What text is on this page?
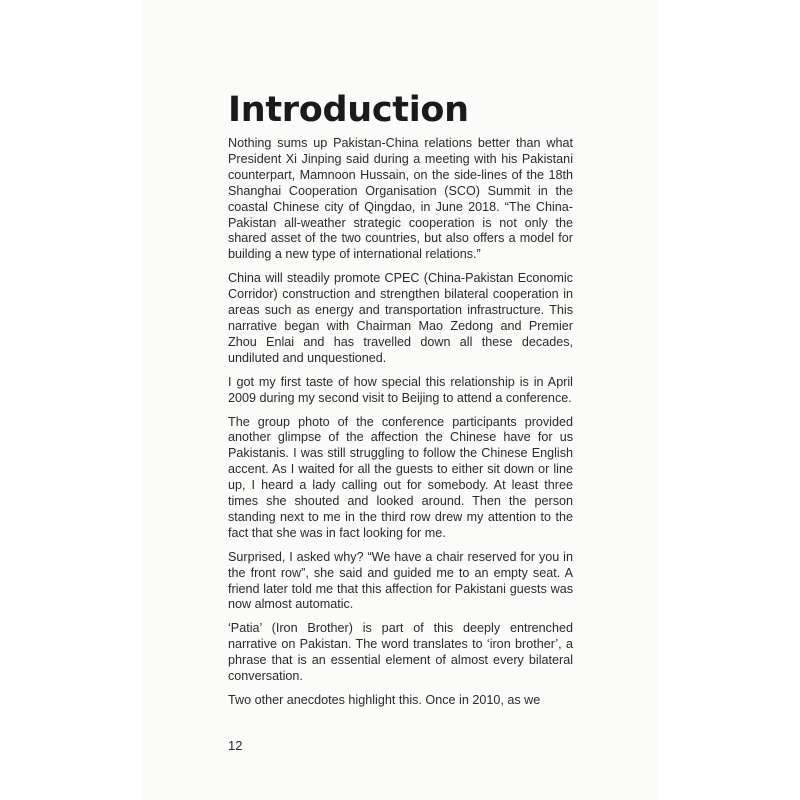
Introduction

Nothing sums up Pakistan-China relations better than what President Xi Jinping said during a meeting with his Pakistani counterpart, Mamnoon Hussain, on the side-lines of the 18th Shanghai Cooperation Organisation (SCO) Summit in the coastal Chinese city of Qingdao, in June 2018. “The China-Pakistan all-weather strategic cooperation is not only the shared asset of the two countries, but also offers a model for building a new type of international relations.”

China will steadily promote CPEC (China-Pakistan Economic Corridor) construction and strengthen bilateral cooperation in areas such as energy and transportation infrastructure. This narrative began with Chairman Mao Zedong and Premier Zhou Enlai and has travelled down all these decades, undiluted and unquestioned.

I got my first taste of how special this relationship is in April 2009 during my second visit to Beijing to attend a conference.

The group photo of the conference participants provided another glimpse of the affection the Chinese have for us Pakistanis. I was still struggling to follow the Chinese English accent. As I waited for all the guests to either sit down or line up, I heard a lady calling out for somebody. At least three times she shouted and looked around. Then the person standing next to me in the third row drew my attention to the fact that she was in fact looking for me.

Surprised, I asked why? “We have a chair reserved for you in the front row”, she said and guided me to an empty seat. A friend later told me that this affection for Pakistani guests was now almost automatic.

‘Patia’ (Iron Brother) is part of this deeply entrenched narrative on Pakistan. The word translates to ‘iron brother’, a phrase that is an essential element of almost every bilateral conversation.

Two other anecdotes highlight this. Once in 2010, as we

12
